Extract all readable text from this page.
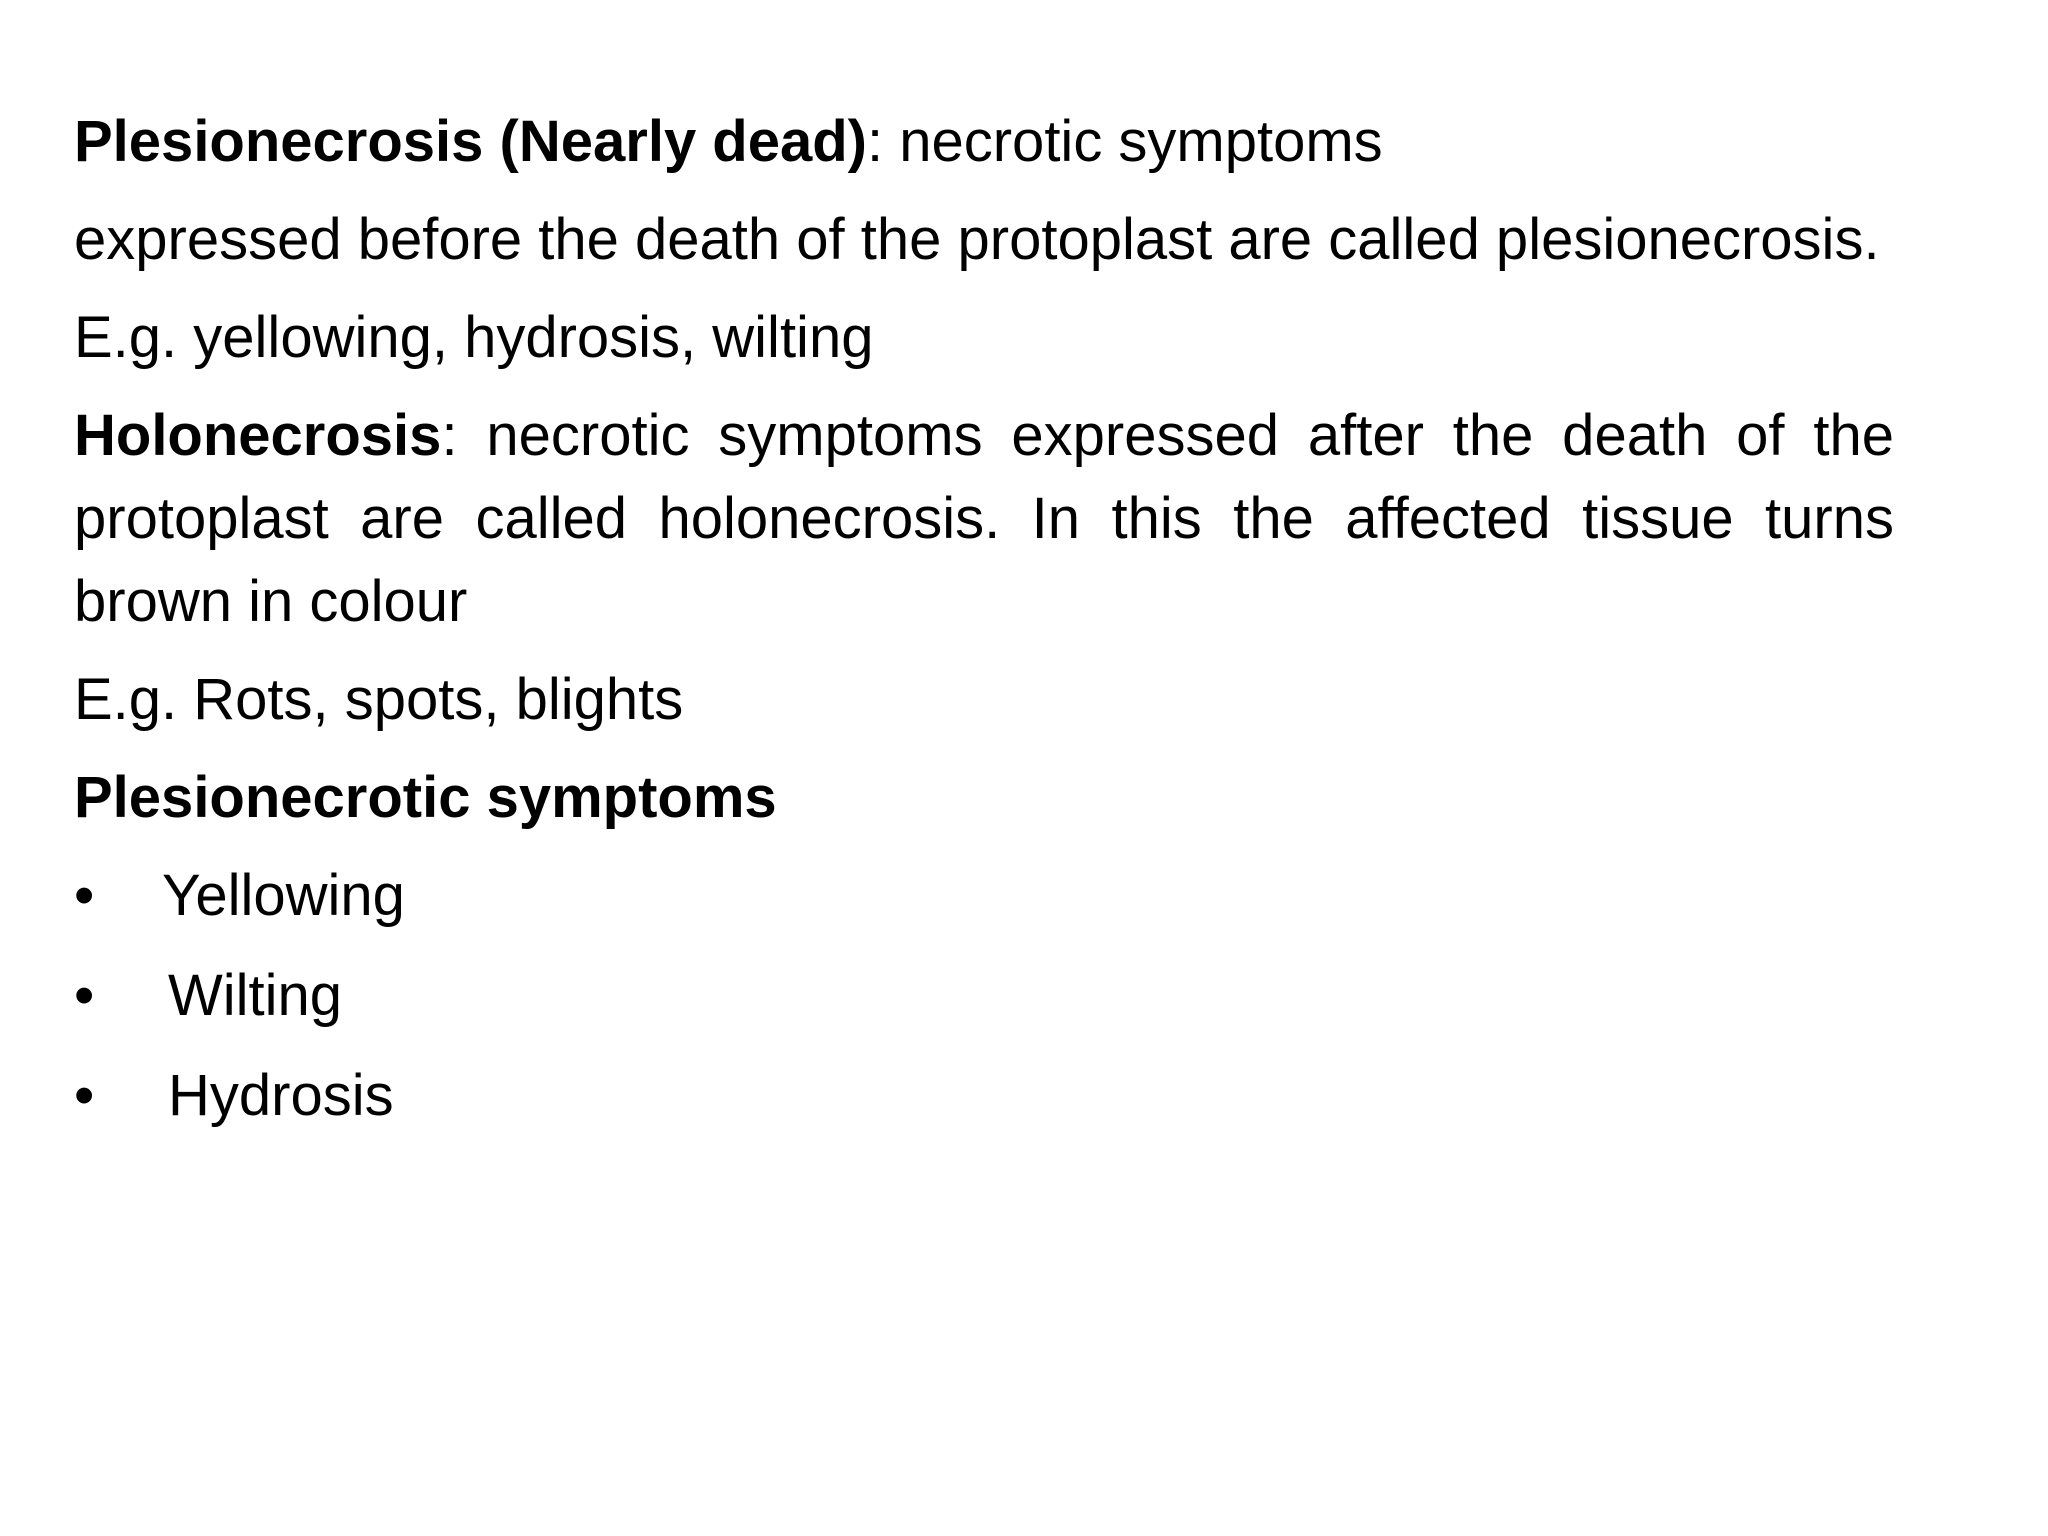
Plesionecrosis (Nearly dead): necrotic symptoms

expressed before the death of the protoplast are called plesionecrosis.

E.g. yellowing, hydrosis, wilting

Holonecrosis: necrotic symptoms expressed after the death of the protoplast are called holonecrosis. In this the affected tissue turns brown in colour

E.g. Rots, spots, blights

Plesionecrotic symptoms

• Yellowing
• Wilting
• Hydrosis
